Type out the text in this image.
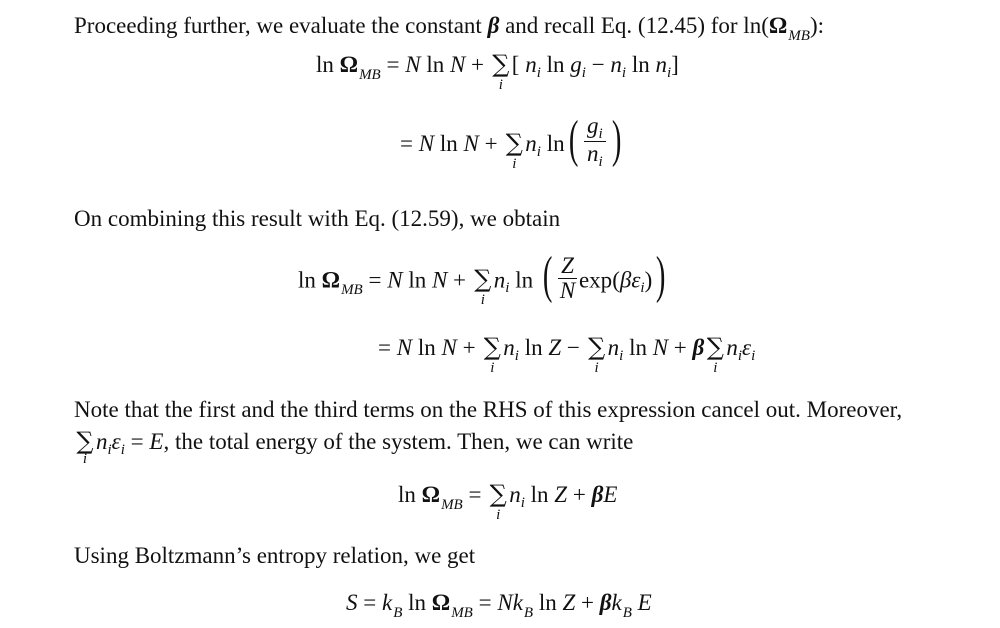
Proceeding further, we evaluate the constant β and recall Eq. (12.45) for $\ln(\Omega_{MB})$:
$\ln \Omega_{MB} = N$ ln N + ∑
i
[ $n_i$ $\ln g_i - n_i$ $\ln n_i$]
= N ln N + ∑
i
$n_i$ $\ln( \frac{g_i}{n_i}$ )
On combining this result with Eq. (12.59), we obtain
$\ln \Omega_{MB} = N$ ln N + ∑
i
$n_i$ ln ( $\frac{Z}{N} \exp(\beta\varepsilon_i)$)
= N ln N + ∑
i
$n_i$ ln Z − ∑
i
$n_i$ ln N + β ∑
i
$n_i\varepsilon_i$
Note that the first and the third terms on the RHS of this expression cancel out. Moreover,
∑
i
$n_i\varepsilon_i = E$, the total energy of the system. Then, we can write
$\ln \Omega_{MB}$ = ∑
i
$n_i$ ln Z + βE
Using Boltzmann’s entropy relation, we get
$S = k_B$ $\ln \Omega_{MB} = Nk_B$ $\ln Z + \beta k_B$ E
